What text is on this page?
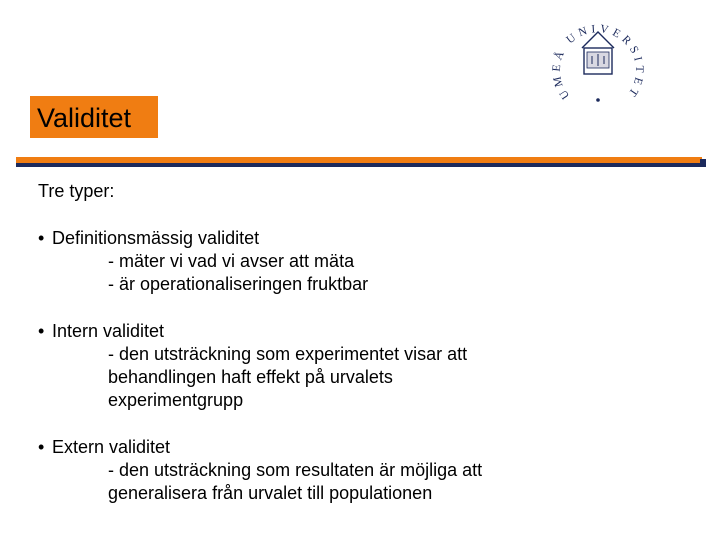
UMEÅ UNIVERSITET
Validitet
Tre typer:
• Definitionsmässig validitet
- mäter vi vad vi avser att mäta
- är operationaliseringen fruktbar
• Intern validitet
- den utsträckning som experimentet visar att
behandlingen haft effekt på urvalets
experimentgrupp
• Extern validitet
- den utsträckning som resultaten är möjliga att
generalisera från urvalet till populationen
